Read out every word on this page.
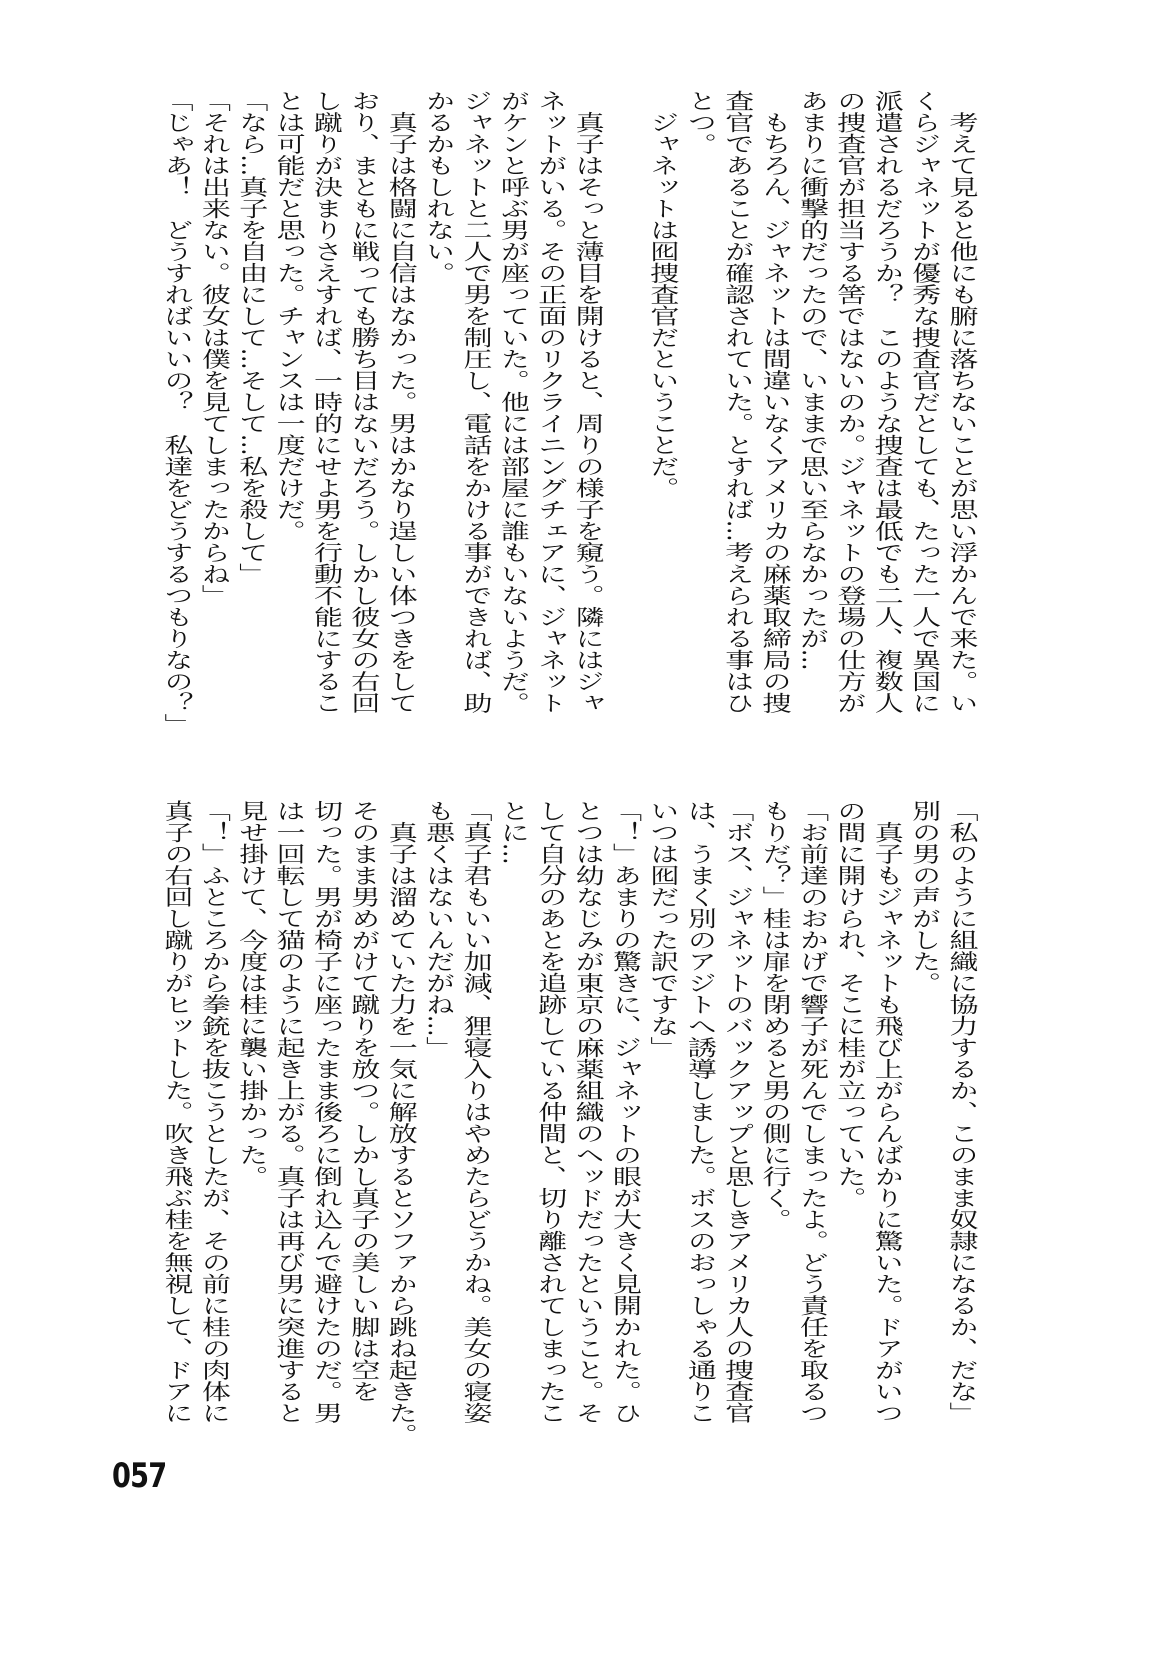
　考えて見ると他にも腑に落ちないことが思い浮かんで来た。い
くらジャネットが優秀な捜査官だとしても、たった一人で異国に
派遣されるだろうか？　このような捜査は最低でも二人、複数人
の捜査官が担当する筈ではないのか。ジャネットの登場の仕方が
あまりに衝撃的だったので、いままで思い至らなかったが…
　もちろん、ジャネットは間違いなくアメリカの麻薬取締局の捜
査官であることが確認されていた。とすれば…考えられる事はひ
とつ。
　ジャネットは囮捜査官だということだ。
　真子はそっと薄目を開けると、周りの様子を窺う。隣にはジャ
ネットがいる。その正面のリクライニングチェアに、ジャネット
がケンと呼ぶ男が座っていた。他には部屋に誰もいないようだ。
ジャネットと二人で男を制圧し、電話をかける事ができれば、助
かるかもしれない。
　真子は格闘に自信はなかった。男はかなり逞しい体つきをして
おり、まともに戦っても勝ち目はないだろう。しかし彼女の右回
し蹴りが決まりさえすれば、一時的にせよ男を行動不能にするこ
とは可能だと思った。チャンスは一度だけだ。
「なら…真子を自由にして…そして…私を殺して」
「それは出来ない。彼女は僕を見てしまったからね」
「じゃあ！　どうすればいいの？　私達をどうするつもりなの？」
「私のように組織に協力するか、このまま奴隷になるか、だな」
別の男の声がした。
　真子もジャネットも飛び上がらんばかりに驚いた。ドアがいつ
の間に開けられ、そこに桂が立っていた。
「お前達のおかげで響子が死んでしまったよ。どう責任を取るつ
もりだ？」桂は扉を閉めると男の側に行く。
「ボス、ジャネットのバックアップと思しきアメリカ人の捜査官
は、うまく別のアジトへ誘導しました。ボスのおっしゃる通りこ
いつは囮だった訳ですな」
「！」あまりの驚きに、ジャネットの眼が大きく見開かれた。ひ
とつは幼なじみが東京の麻薬組織のヘッドだったということ。そ
して自分のあとを追跡している仲間と、切り離されてしまったこ
とに…
「真子君もいい加減、狸寝入りはやめたらどうかね。美女の寝姿
も悪くはないんだがね…」
　真子は溜めていた力を一気に解放するとソファから跳ね起きた。
そのまま男めがけて蹴りを放つ。しかし真子の美しい脚は空を
切った。男が椅子に座ったまま後ろに倒れ込んで避けたのだ。男
は一回転して猫のように起き上がる。真子は再び男に突進すると
見せ掛けて、今度は桂に襲い掛かった。
「！」ふところから拳銃を抜こうとしたが、その前に桂の肉体に
真子の右回し蹴りがヒットした。吹き飛ぶ桂を無視して、ドアに
057
